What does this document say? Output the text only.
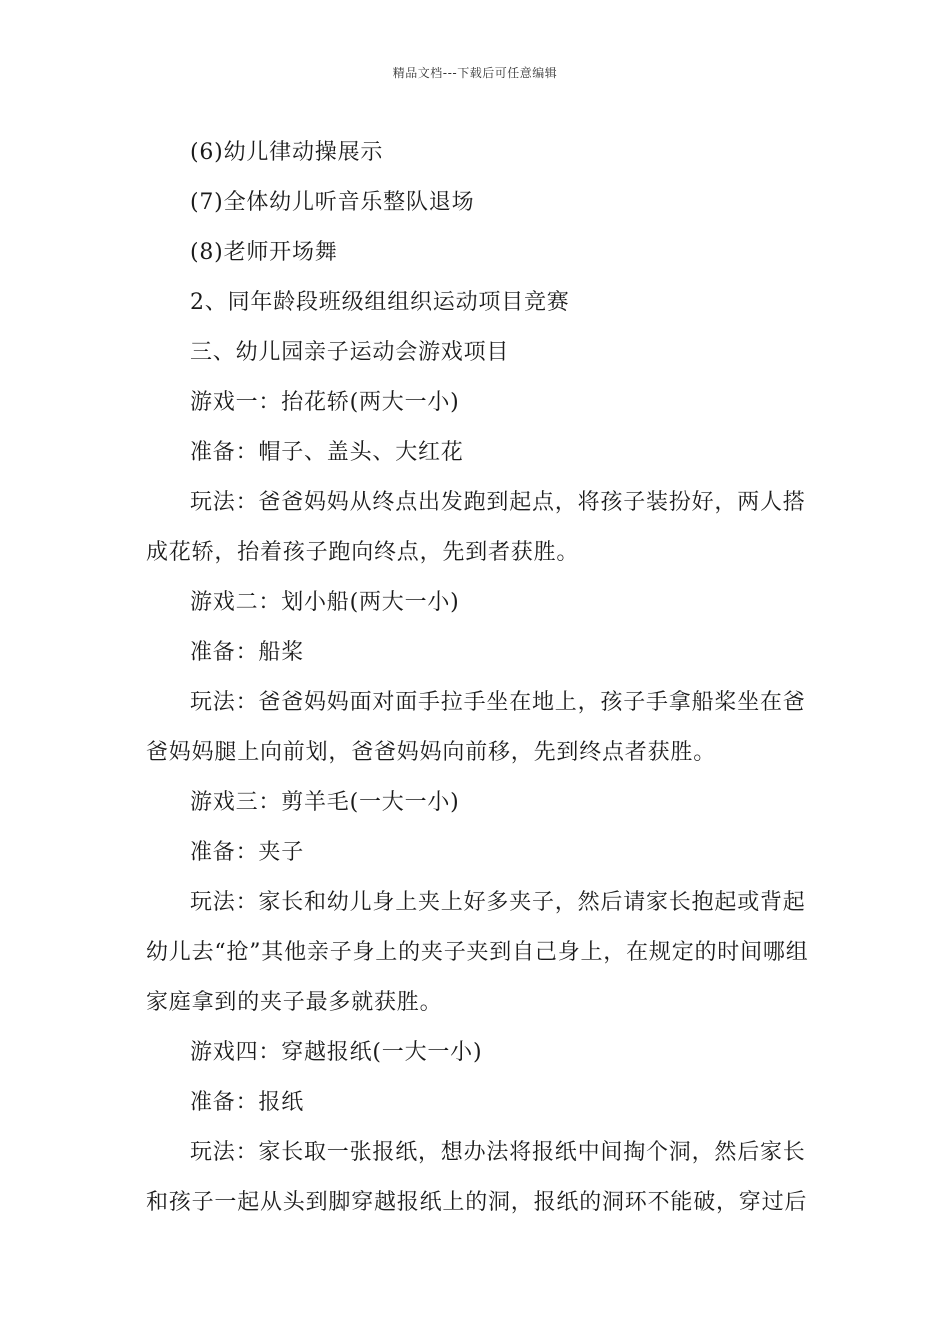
精品文档---下载后可任意编辑

(6)幼儿律动操展示

(7)全体幼儿听音乐整队退场

(8)老师开场舞

2、同年龄段班级组组织运动项目竞赛

三、幼儿园亲子运动会游戏项目

游戏一：抬花轿(两大一小)

准备：帽子、盖头、大红花

玩法：爸爸妈妈从终点出发跑到起点，将孩子装扮好，两人搭成花轿，抬着孩子跑向终点，先到者获胜。

游戏二：划小船(两大一小)

准备：船桨

玩法：爸爸妈妈面对面手拉手坐在地上，孩子手拿船桨坐在爸爸妈妈腿上向前划，爸爸妈妈向前移，先到终点者获胜。

游戏三：剪羊毛(一大一小)

准备：夹子

玩法：家长和幼儿身上夹上好多夹子，然后请家长抱起或背起幼儿去“抢”其他亲子身上的夹子夹到自己身上，在规定的时间哪组家庭拿到的夹子最多就获胜。

游戏四：穿越报纸(一大一小)

准备：报纸

玩法：家长取一张报纸，想办法将报纸中间掏个洞，然后家长和孩子一起从头到脚穿越报纸上的洞，报纸的洞环不能破，穿过后
